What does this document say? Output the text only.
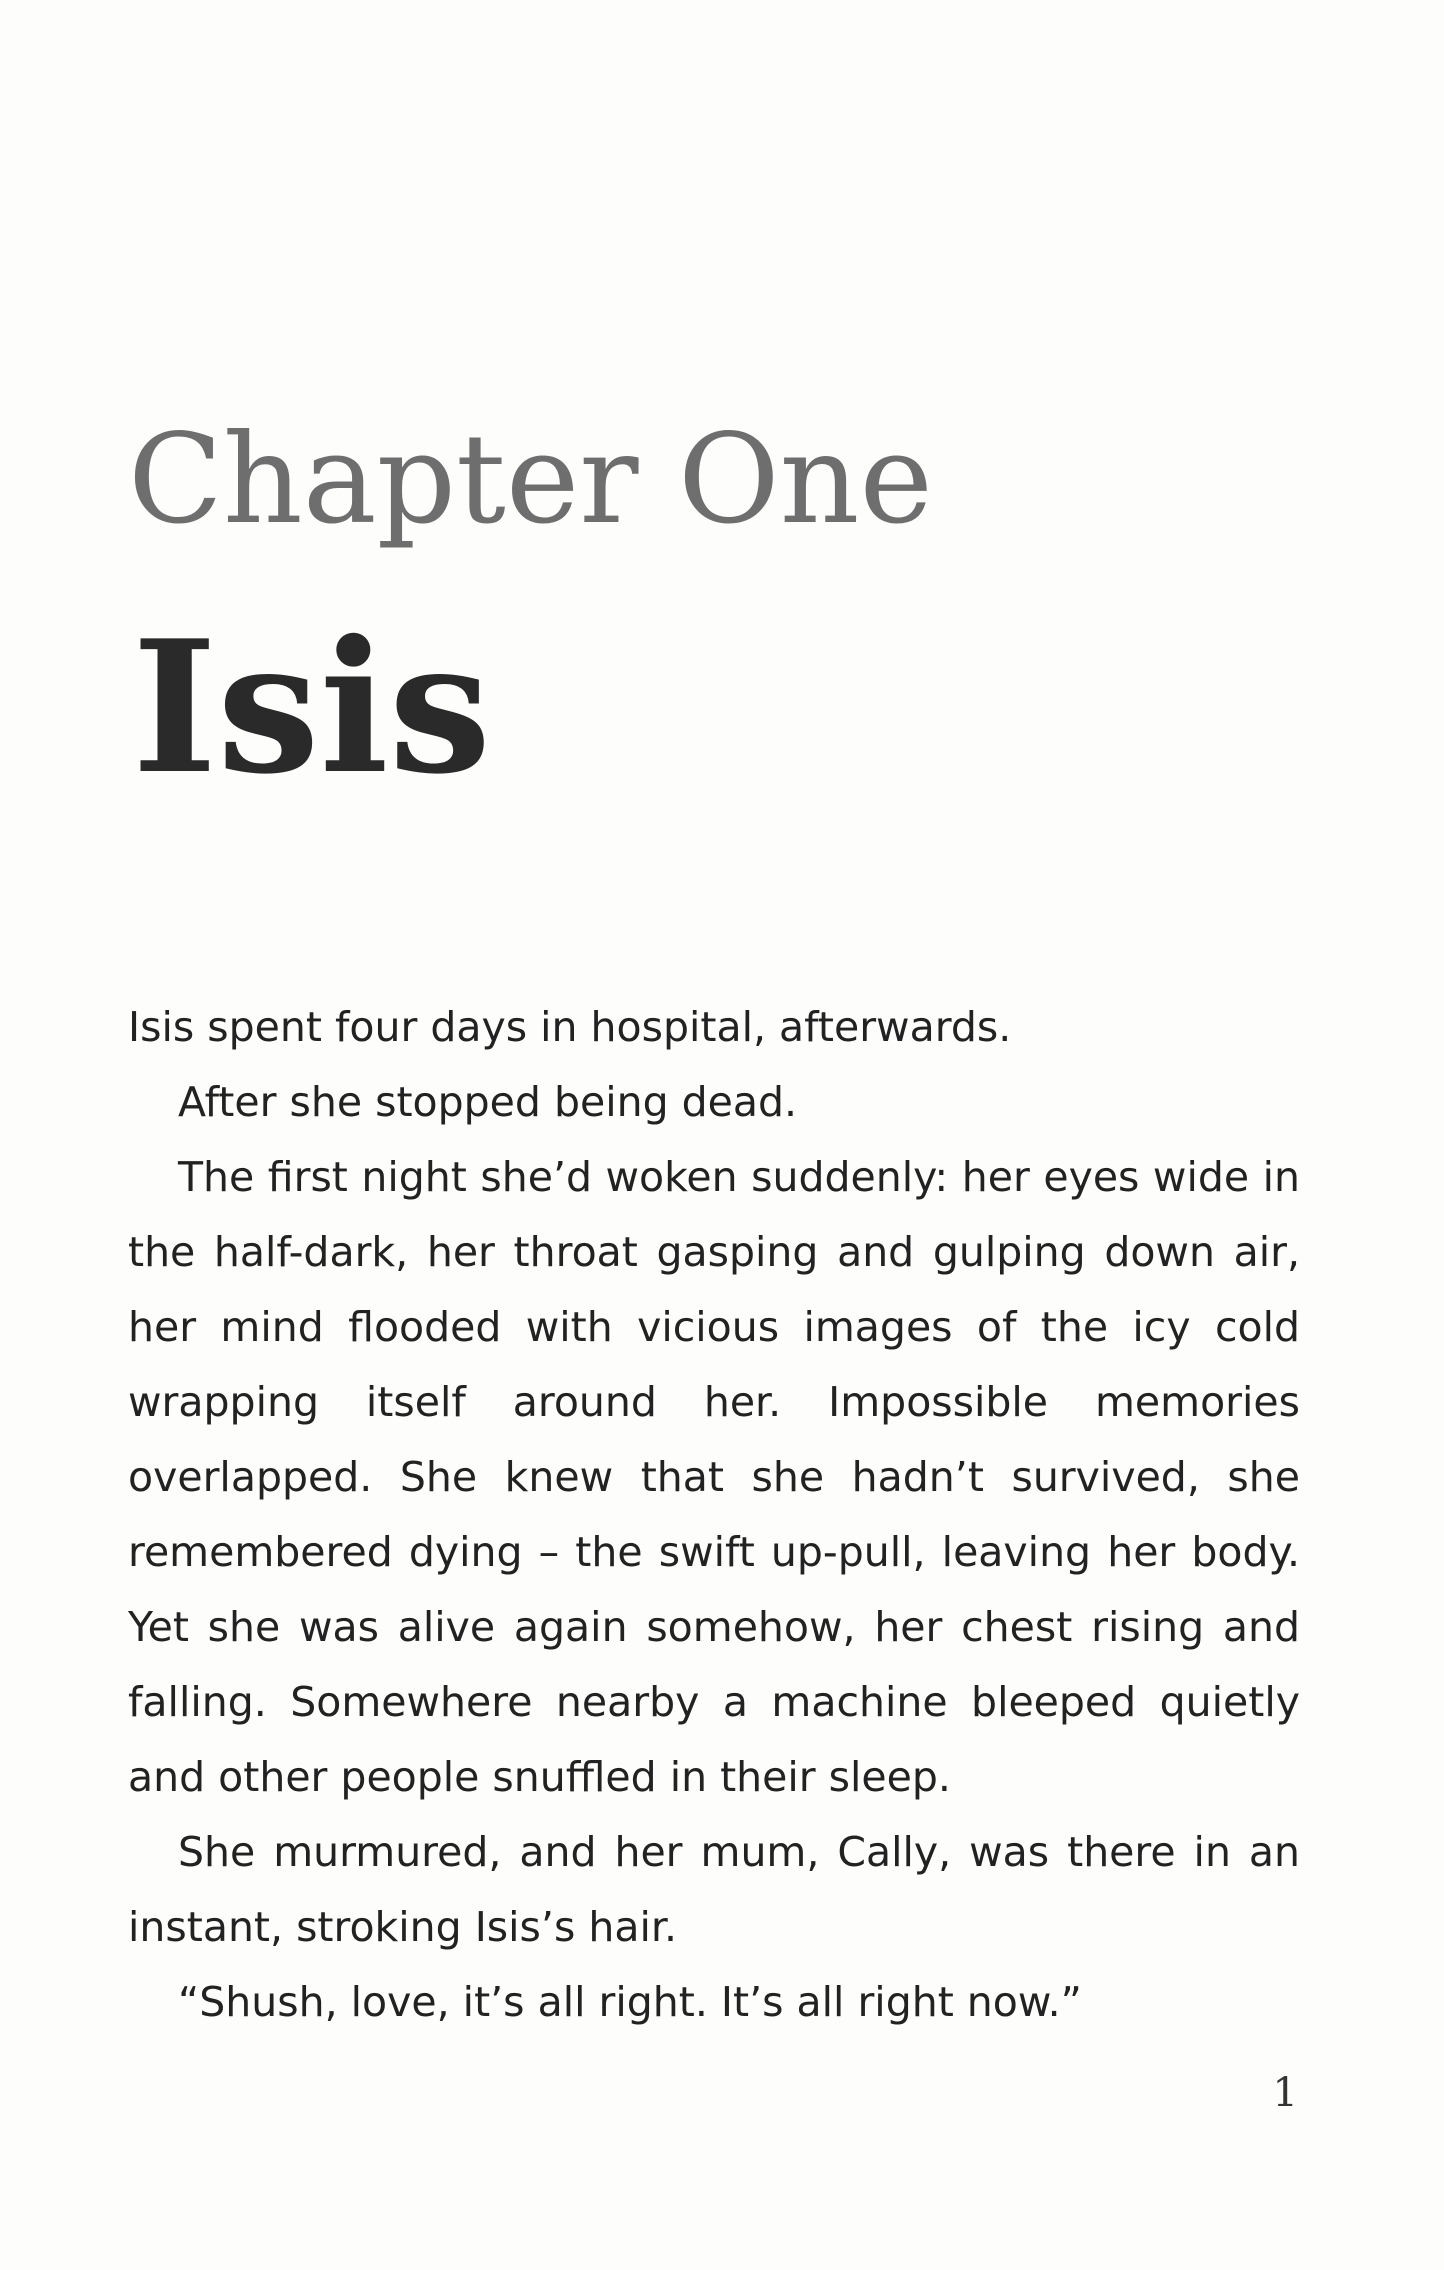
Chapter One
Isis

Isis spent four days in hospital, afterwards.

After she stopped being dead.

The first night she’d woken suddenly: her eyes wide in the half-dark, her throat gasping and gulping down air, her mind flooded with vicious images of the icy cold wrapping itself around her. Impossible memories overlapped. She knew that she hadn’t survived, she remembered dying – the swift up-pull, leaving her body. Yet she was alive again somehow, her chest rising and falling. Somewhere nearby a machine bleeped quietly and other people snuffled in their sleep.

She murmured, and her mum, Cally, was there in an instant, stroking Isis’s hair.

“Shush, love, it’s all right. It’s all right now.”

1
